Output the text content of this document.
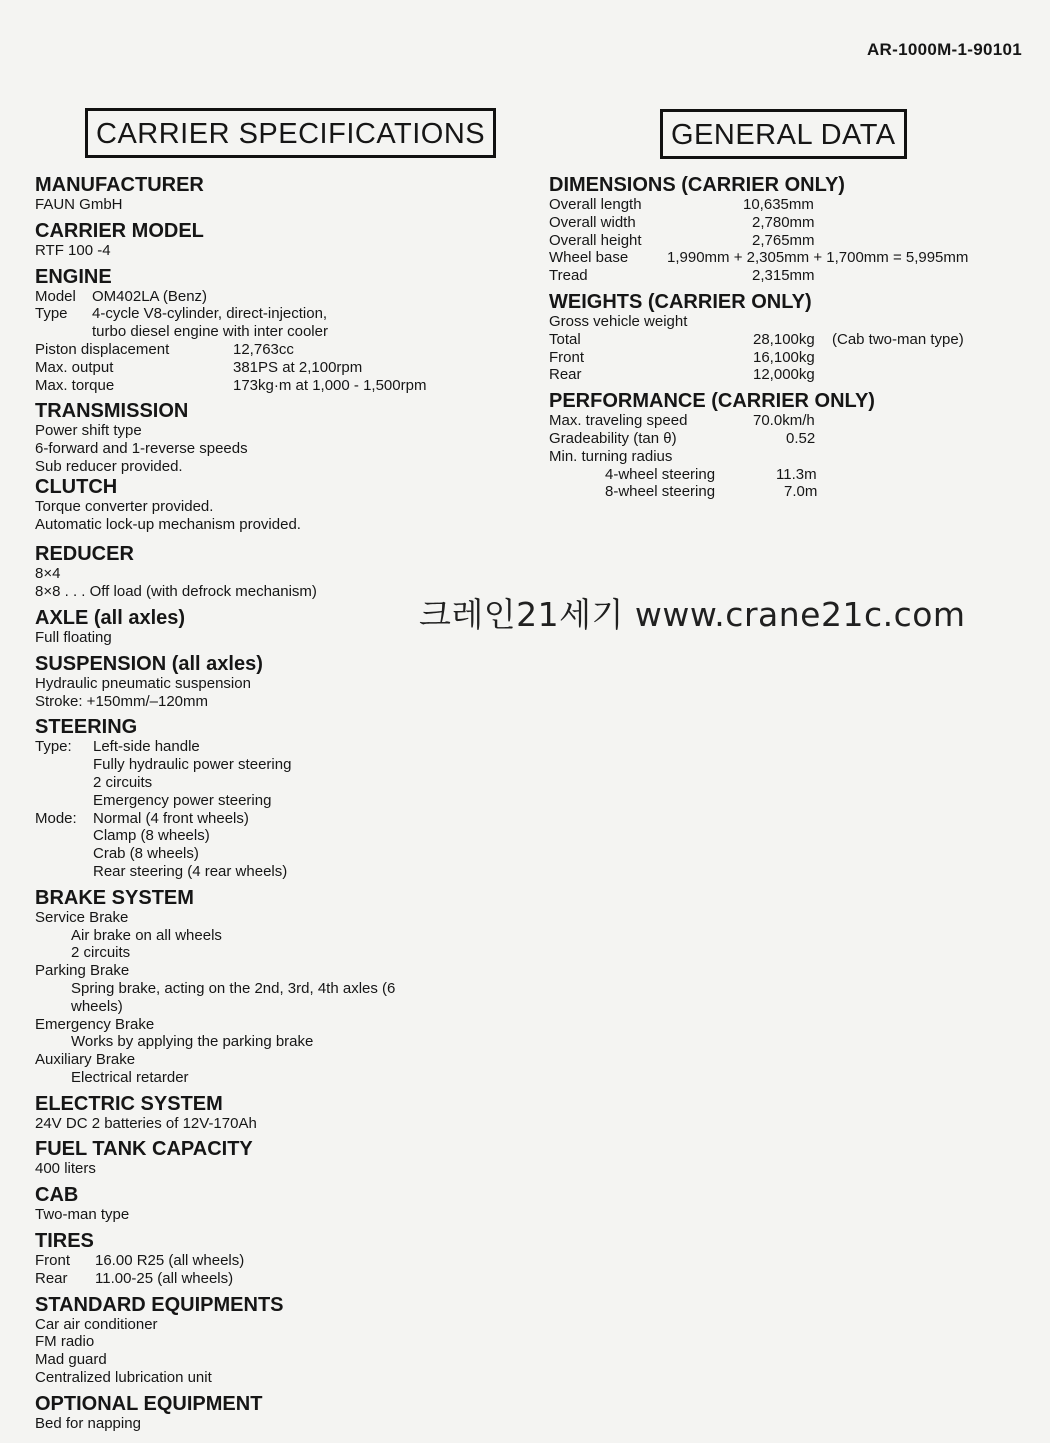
AR-1000M-1-90101
CARRIER SPECIFICATIONS	GENERAL DATA
크레인21세기 www.crane21c.com
MANUFACTURER
FAUN GmbH
CARRIER MODEL
RTF 100 -4
ENGINE
Model	OM402LA (Benz)
Type	4-cycle V8-cylinder, direct-injection,
turbo diesel engine with inter cooler
Piston displacement	12,763cc
Max. output	381PS at 2,100rpm
Max. torque	173kg·m at 1,000 - 1,500rpm
TRANSMISSION
Power shift type
6-forward and 1-reverse speeds
Sub reducer provided.
CLUTCH
Torque converter provided.
Automatic lock-up mechanism provided.
REDUCER
8×4
8×8 . . . Off load (with defrock mechanism)
AXLE (all axles)
Full floating
SUSPENSION (all axles)
Hydraulic pneumatic suspension
Stroke: +150mm/–120mm
STEERING
Type:	Left-side handle
Fully hydraulic power steering
2 circuits
Emergency power steering
Mode:	Normal (4 front wheels)
Clamp (8 wheels)
Crab (8 wheels)
Rear steering (4 rear wheels)
BRAKE SYSTEM
Service Brake
Air brake on all wheels
2 circuits
Parking Brake
Spring brake, acting on the 2nd, 3rd, 4th axles (6 wheels)
Emergency Brake
Works by applying the parking brake
Auxiliary Brake
Electrical retarder
ELECTRIC SYSTEM
24V DC 2 batteries of 12V-170Ah
FUEL TANK CAPACITY
400 liters
CAB
Two-man type
TIRES
Front	16.00 R25 (all wheels)
Rear	11.00-25 (all wheels)
STANDARD EQUIPMENTS
Car air conditioner
FM radio
Mad guard
Centralized lubrication unit
OPTIONAL EQUIPMENT
Bed for napping
DIMENSIONS (CARRIER ONLY)
Overall length	10,635mm
Overall width	2,780mm
Overall height	2,765mm
Wheel base	1,990mm + 2,305mm + 1,700mm = 5,995mm
Tread	2,315mm
WEIGHTS (CARRIER ONLY)
Gross vehicle weight
Total	28,100kg	(Cab two-man type)
Front	16,100kg
Rear	12,000kg
PERFORMANCE (CARRIER ONLY)
Max. traveling speed	70.0km/h
Gradeability (tan θ)	0.52
Min. turning radius
4-wheel steering	11.3m
8-wheel steering	7.0m
